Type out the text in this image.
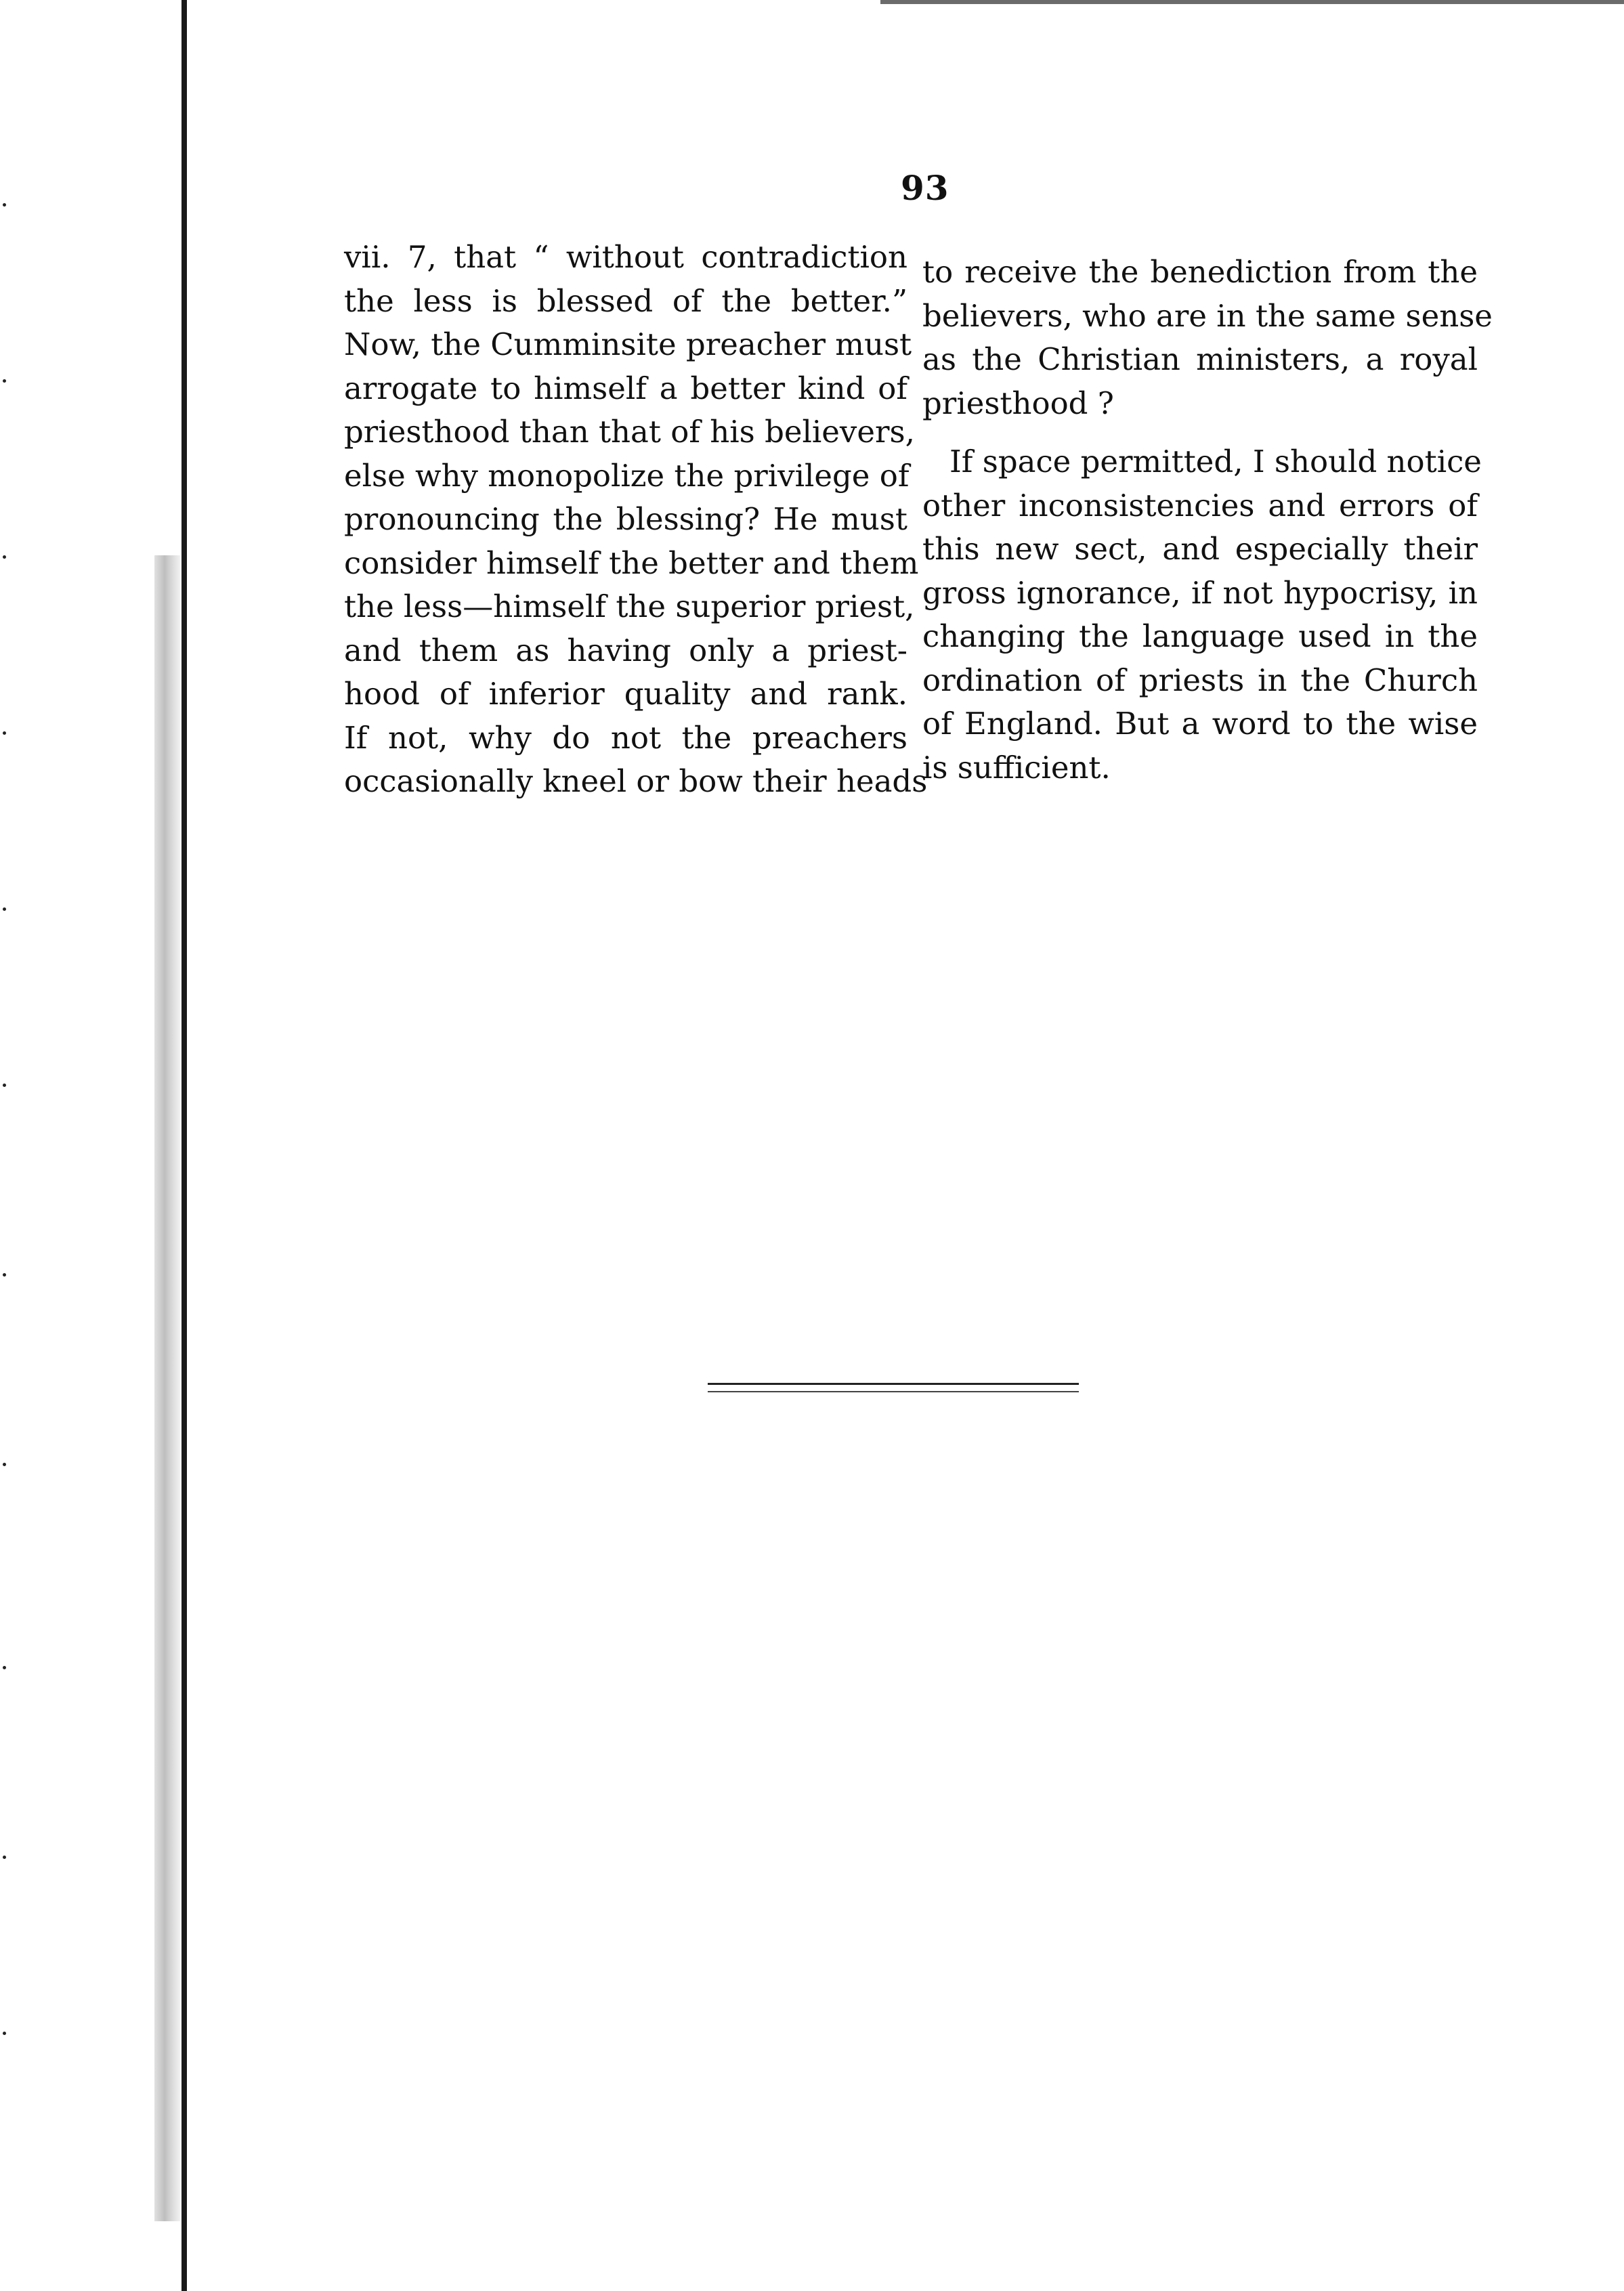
93
vii. 7, that “ without contradiction
the less is blessed of the better.”
Now, the Cumminsite preacher must
arrogate to himself a better kind of
priesthood than that of his believers,
else why monopolize the privilege of
pronouncing the blessing? He must
consider himself the better and them
the less—himself the superior priest,
and them as having only a priest-
hood of inferior quality and rank.
If not, why do not the preachers
occasionally kneel or bow their heads
to receive the benediction from the
believers, who are in the same sense
as the Christian ministers, a royal
priesthood ?
If space permitted, I should notice
other inconsistencies and errors of
this new sect, and especially their
gross ignorance, if not hypocrisy, in
changing the language used in the
ordination of priests in the Church
of England. But a word to the wise
is sufficient.
